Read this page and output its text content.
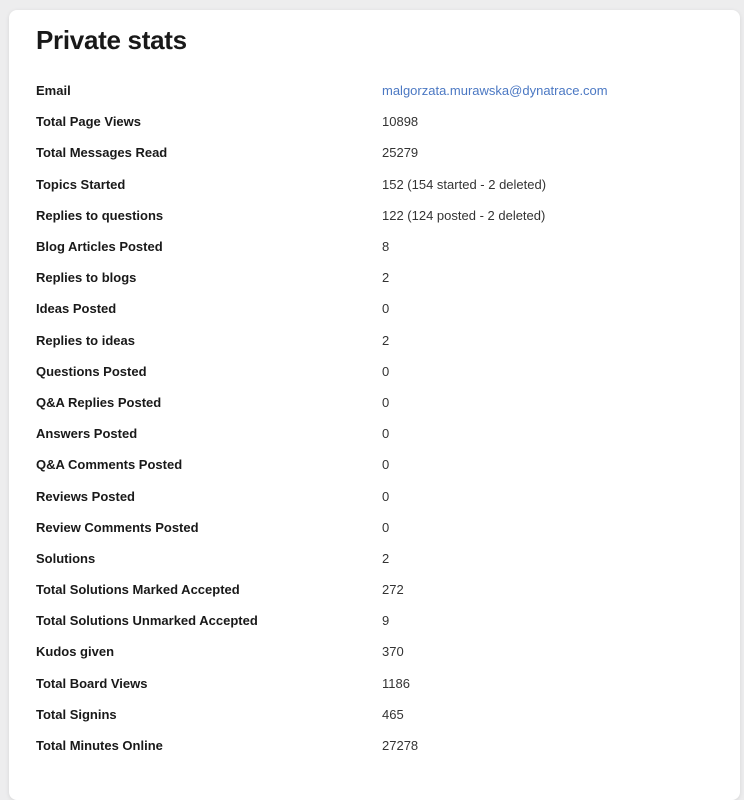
Private stats
Email	malgorzata.murawska@dynatrace.com
Total Page Views	10898
Total Messages Read	25279
Topics Started	152 (154 started - 2 deleted)
Replies to questions	122 (124 posted - 2 deleted)
Blog Articles Posted	8
Replies to blogs	2
Ideas Posted	0
Replies to ideas	2
Questions Posted	0
Q&A Replies Posted	0
Answers Posted	0
Q&A Comments Posted	0
Reviews Posted	0
Review Comments Posted	0
Solutions	2
Total Solutions Marked Accepted	272
Total Solutions Unmarked Accepted	9
Kudos given	370
Total Board Views	1186
Total Signins	465
Total Minutes Online	27278
